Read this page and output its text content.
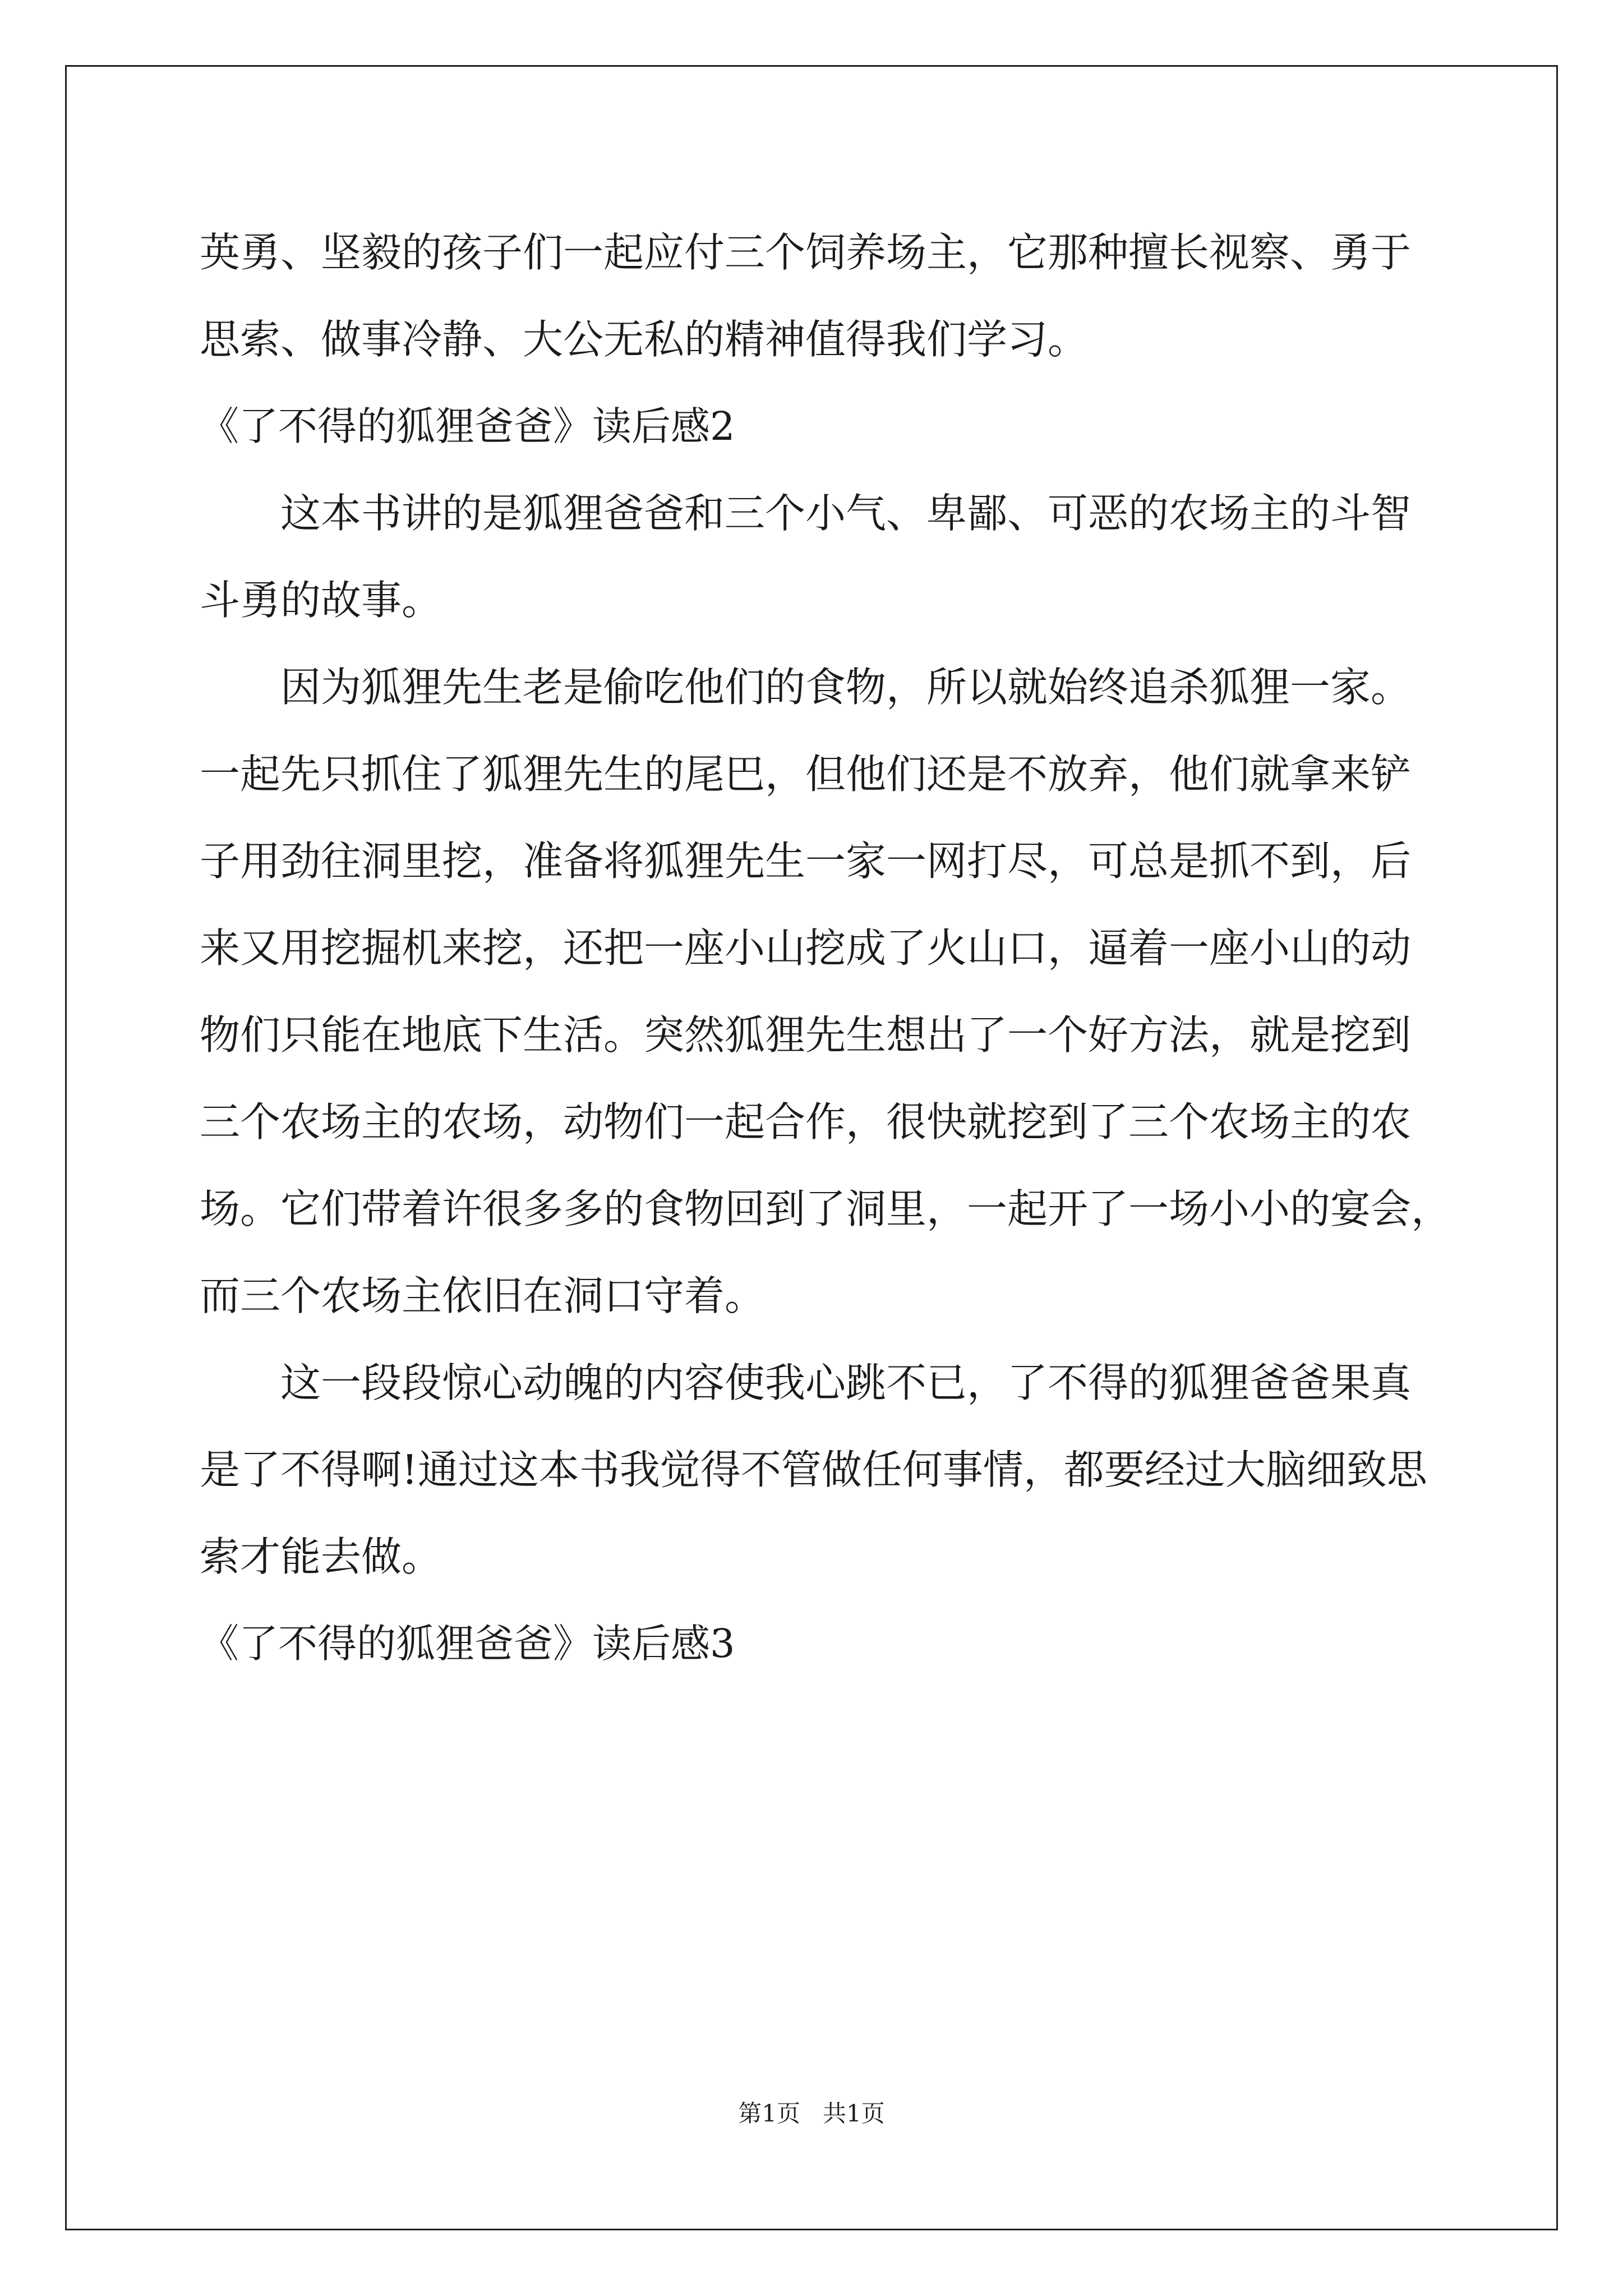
英勇、坚毅的孩子们一起应付三个饲养场主，它那种擅长视察、勇于
思索、做事冷静、大公无私的精神值得我们学习。
《了不得的狐狸爸爸》读后感2
这本书讲的是狐狸爸爸和三个小气、卑鄙、可恶的农场主的斗智
斗勇的故事。
因为狐狸先生老是偷吃他们的食物，所以就始终追杀狐狸一家。
一起先只抓住了狐狸先生的尾巴，但他们还是不放弃，他们就拿来铲
子用劲往洞里挖，准备将狐狸先生一家一网打尽，可总是抓不到，后
来又用挖掘机来挖，还把一座小山挖成了火山口，逼着一座小山的动
物们只能在地底下生活。突然狐狸先生想出了一个好方法，就是挖到
三个农场主的农场，动物们一起合作，很快就挖到了三个农场主的农
场。它们带着许很多多的食物回到了洞里，一起开了一场小小的宴会，
而三个农场主依旧在洞口守着。
这一段段惊心动魄的内容使我心跳不已，了不得的狐狸爸爸果真
是了不得啊!通过这本书我觉得不管做任何事情，都要经过大脑细致思
索才能去做。
《了不得的狐狸爸爸》读后感3
第1页   共1页
